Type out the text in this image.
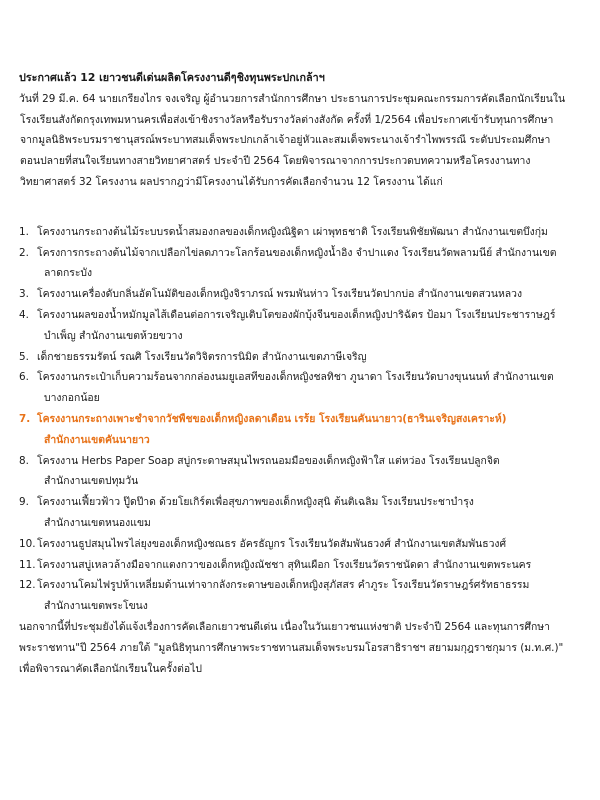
ประกาศแล้ว 12 เยาวชนดีเด่นผลิตโครงงานดีๆชิงทุนพระปกเกล้าฯ

วันที่ 29 มี.ค. 64 นายเกรียงไกร จงเจริญ ผู้อำนวยการสำนักการศึกษา ประธานการประชุมคณะกรรมการคัดเลือกนักเรียนใน

โรงเรียนสังกัดกรุงเทพมหานครเพื่อส่งเข้าชิงรางวัลหรือรับรางวัลต่างสังกัด ครั้งที่ 1/2564 เพื่อประกาศเข้ารับทุนการศึกษา
จากมูลนิธิพระบรมราชานุสรณ์พระบาทสมเด็จพระปกเกล้าเจ้าอยู่หัวและสมเด็จพระนางเจ้ารำไพพรรณี ระดับประถมศึกษา
ตอนปลายที่สนใจเรียนทางสายวิทยาศาสตร์ ประจำปี 2564 โดยพิจารณาจากการประกวดบทความหรือโครงงานทาง
วิทยาศาสตร์ 32 โครงงาน ผลปรากฎว่ามีโครงงานได้รับการคัดเลือกจำนวน 12 โครงงาน ได้แก่

1. โครงงานกระถางต้นไม้ระบบรดน้ำสมองกลของเด็กหญิงณิฐิดา เผ่าพุทธชาติ โรงเรียนพิชัยพัฒนา สำนักงานเขตบึงกุ่ม
2. โครงการกระถางต้นไม้จากเปลือกไข่ลดภาวะโลกร้อนของเด็กหญิงน้ำอิง จำปาแดง โรงเรียนวัดพลามนีย์ สำนักงานเขต
ลาดกระบัง
3. โครงงานเครื่องดับกลิ่นอัตโนมัติของเด็กหญิงจิราภรณ์ พรมพันห่าว โรงเรียนวัดปากบ่อ สำนักงานเขตสวนหลวง
4. โครงงานผลของน้ำหมักมูลไส้เดือนต่อการเจริญเติบโตของผักบุ้งจีนของเด็กหญิงปาริฉัตร ป้อมา โรงเรียนประชาราษฎร์
บำเพ็ญ สำนักงานเขตห้วยขวาง
5. เด็กชายธรรมรัตน์ รณศิ โรงเรียนวัดวิจิตรการนิมิต สำนักงานเขตภาษีเจริญ
6. โครงงานกระเป๋าเก็บความร้อนจากกล่องนมยูเอสทีของเด็กหญิงชลทิชา ภูนาดา โรงเรียนวัดบางขุนนนท์ สำนักงานเขต
บางกอกน้อย
7. โครงงานกระถางเพาะชำจากวัชพืชของเด็กหญิงลดาเดือน เรร้ย โรงเรียนคันนายาว(ธารินเจริญสงเคราะห์)
สำนักงานเขตคันนายาว
8. โครงงาน Herbs Paper Soap สบู่กระดาษสมุนไพรถนอมมือของเด็กหญิงฟ้าใส แต่หว่อง โรงเรียนปลูกจิต
สำนักงานเขตปทุมวัน
9. โครงงานเฟี้ยวฟ้าว ปู๊ดป๊าด ด้วยโยเกิร์ตเพื่อสุขภาพของเด็กหญิงสุนิ ต้นติเฉลิม โรงเรียนประชาบำรุง
สำนักงานเขตหนองแขม
10. โครงงานธูปสมุนไพรไล่ยุงของเด็กหญิงชณธร อัครธัญกร โรงเรียนวัดสัมพันธวงศ์ สำนักงานเขตสัมพันธวงศ์
11. โครงงานสบู่เหลวล้างมือจากแตงกวาของเด็กหญิงณัชชา สุทินเผือก โรงเรียนวัดราชนัดดา สำนักงานเขตพระนคร
12. โครงงานโคมไฟรูปห้าเหลี่ยมด้านเท่าจากลังกระดาษของเด็กหญิงสุภัสสร คำภูระ โรงเรียนวัดราษฎร์ศรัทธาธรรม
สำนักงานเขตพระโขนง

นอกจากนี้ที่ประชุมยังได้แจ้งเรื่องการคัดเลือกเยาวชนดีเด่น เนื่องในวันเยาวชนแห่งชาติ ประจำปี 2564 และทุนการศึกษา
พระราชทาน"ปี 2564 ภายใต้ "มูลนิธิทุนการศึกษาพระราชทานสมเด็จพระบรมโอรสาธิราชฯ สยามมกุฎราชกุมาร (ม.ท.ศ.)"
เพื่อพิจารณาคัดเลือกนักเรียนในครั้งต่อไป
